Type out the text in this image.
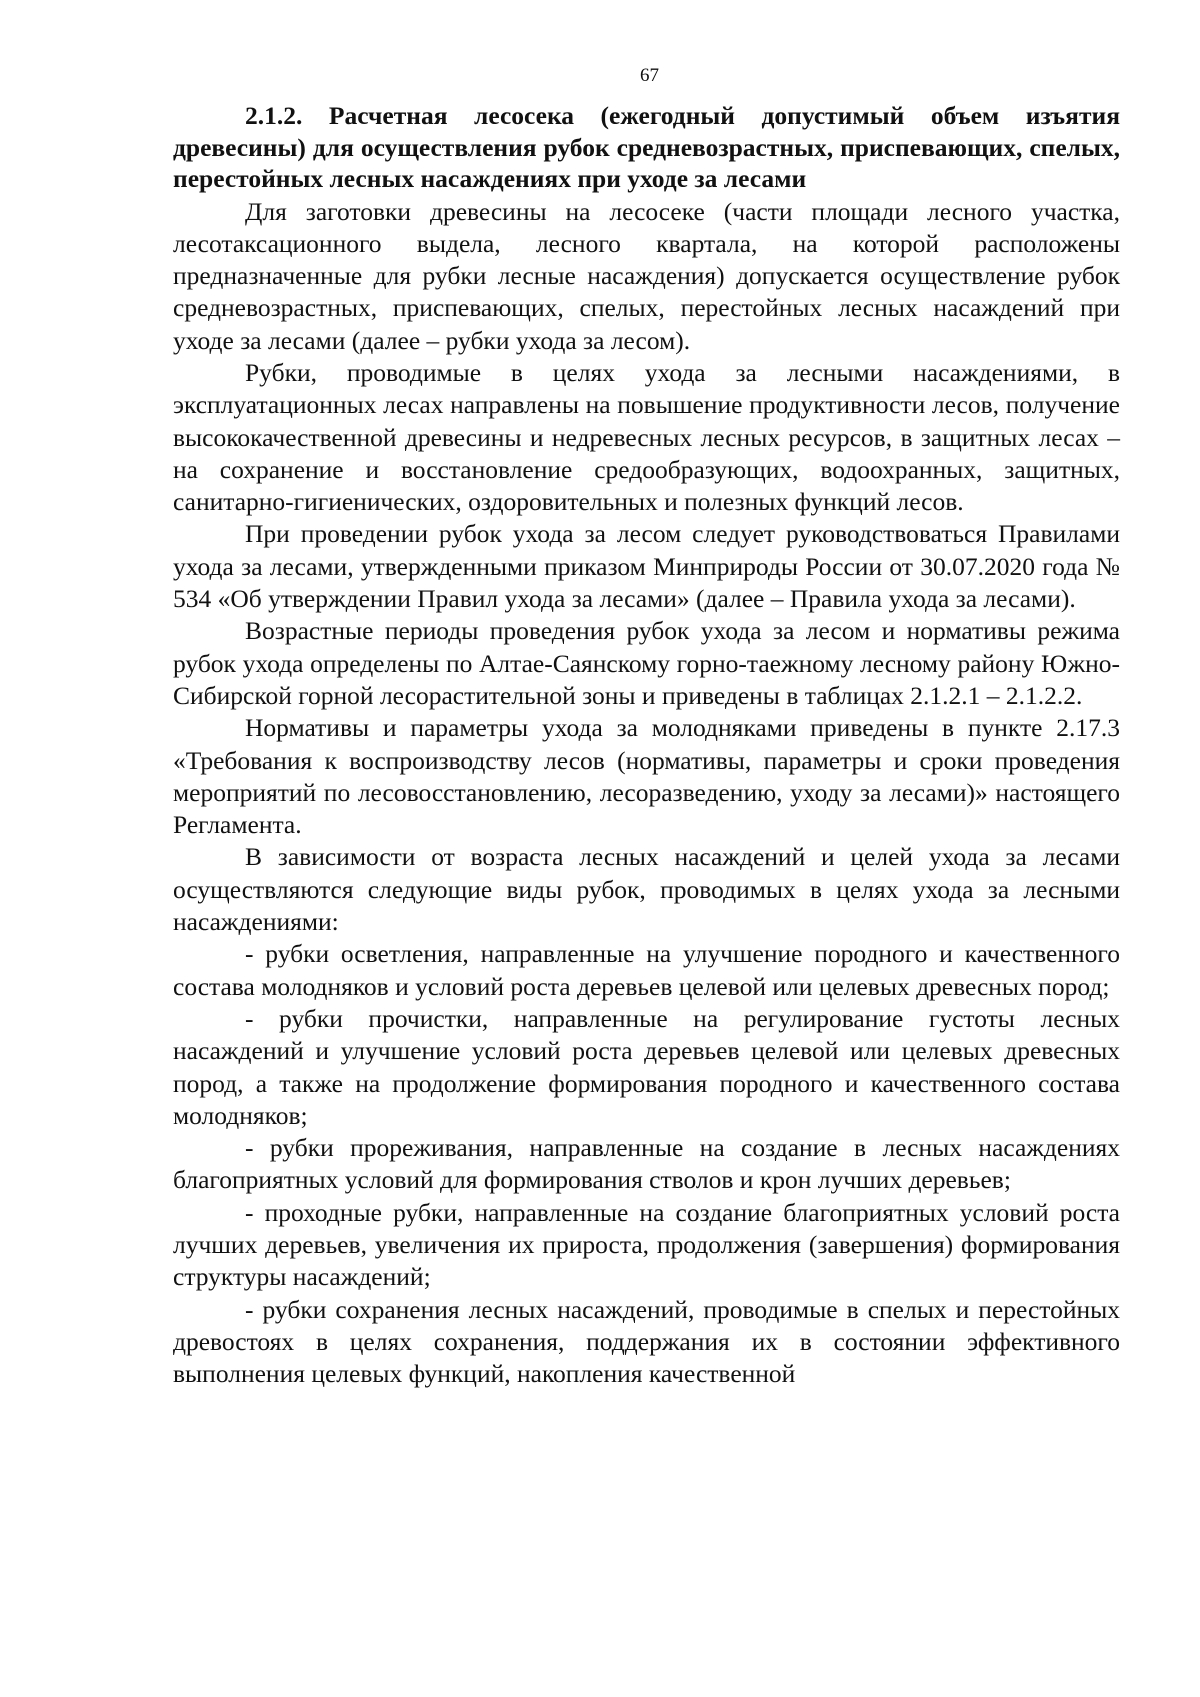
67

2.1.2. Расчетная лесосека (ежегодный допустимый объем изъятия древесины) для осуществления рубок средневозрастных, приспевающих, спелых, перестойных лесных насаждениях при уходе за лесами

Для заготовки древесины на лесосеке (части площади лесного участка, лесотаксационного выдела, лесного квартала, на которой расположены предназначенные для рубки лесные насаждения) допускается осуществление рубок средневозрастных, приспевающих, спелых, перестойных лесных насаждений при уходе за лесами (далее – рубки ухода за лесом).

Рубки, проводимые в целях ухода за лесными насаждениями, в эксплуатационных лесах направлены на повышение продуктивности лесов, получение высококачественной древесины и недревесных лесных ресурсов, в защитных лесах – на сохранение и восстановление средообразующих, водоохранных, защитных, санитарно-гигиенических, оздоровительных и полезных функций лесов.

При проведении рубок ухода за лесом следует руководствоваться Правилами ухода за лесами, утвержденными приказом Минприроды России от 30.07.2020 года № 534 «Об утверждении Правил ухода за лесами» (далее – Правила ухода за лесами).

Возрастные периоды проведения рубок ухода за лесом и нормативы режима рубок ухода определены по Алтае-Саянскому горно-таежному лесному району Южно-Сибирской горной лесорастительной зоны и приведены в таблицах 2.1.2.1 – 2.1.2.2.

Нормативы и параметры ухода за молодняками приведены в пункте 2.17.3 «Требования к воспроизводству лесов (нормативы, параметры и сроки проведения мероприятий по лесовосстановлению, лесоразведению, уходу за лесами)» настоящего Регламента.

В зависимости от возраста лесных насаждений и целей ухода за лесами осуществляются следующие виды рубок, проводимых в целях ухода за лесными насаждениями:

- рубки осветления, направленные на улучшение породного и качественного состава молодняков и условий роста деревьев целевой или целевых древесных пород;

- рубки прочистки, направленные на регулирование густоты лесных насаждений и улучшение условий роста деревьев целевой или целевых древесных пород, а также на продолжение формирования породного и качественного состава молодняков;

- рубки прореживания, направленные на создание в лесных насаждениях благоприятных условий для формирования стволов и крон лучших деревьев;

- проходные рубки, направленные на создание благоприятных условий роста лучших деревьев, увеличения их прироста, продолжения (завершения) формирования структуры насаждений;

- рубки сохранения лесных насаждений, проводимые в спелых и перестойных древостоях в целях сохранения, поддержания их в состоянии эффективного выполнения целевых функций, накопления качественной
